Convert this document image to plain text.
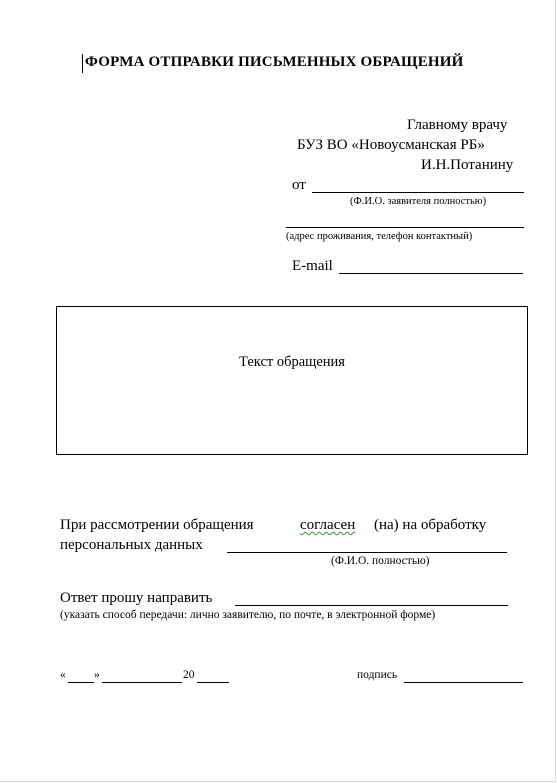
ФОРМА ОТПРАВКИ ПИСЬМЕННЫХ ОБРАЩЕНИЙ
Главному врачу
БУЗ ВО «Новоусманская РБ»
И.Н.Потанину
от
(Ф.И.О. заявителя полностью)
(адрес проживания, телефон контактный)
E-mail
Текст обращения
При рассмотрении обращения	согласен (на) на обработку
персональных данных
(Ф.И.О. полностью)
Ответ прошу направить
(указать способ передачи: лично заявителю, по почте, в электронной форме)
« »	20	подпись
